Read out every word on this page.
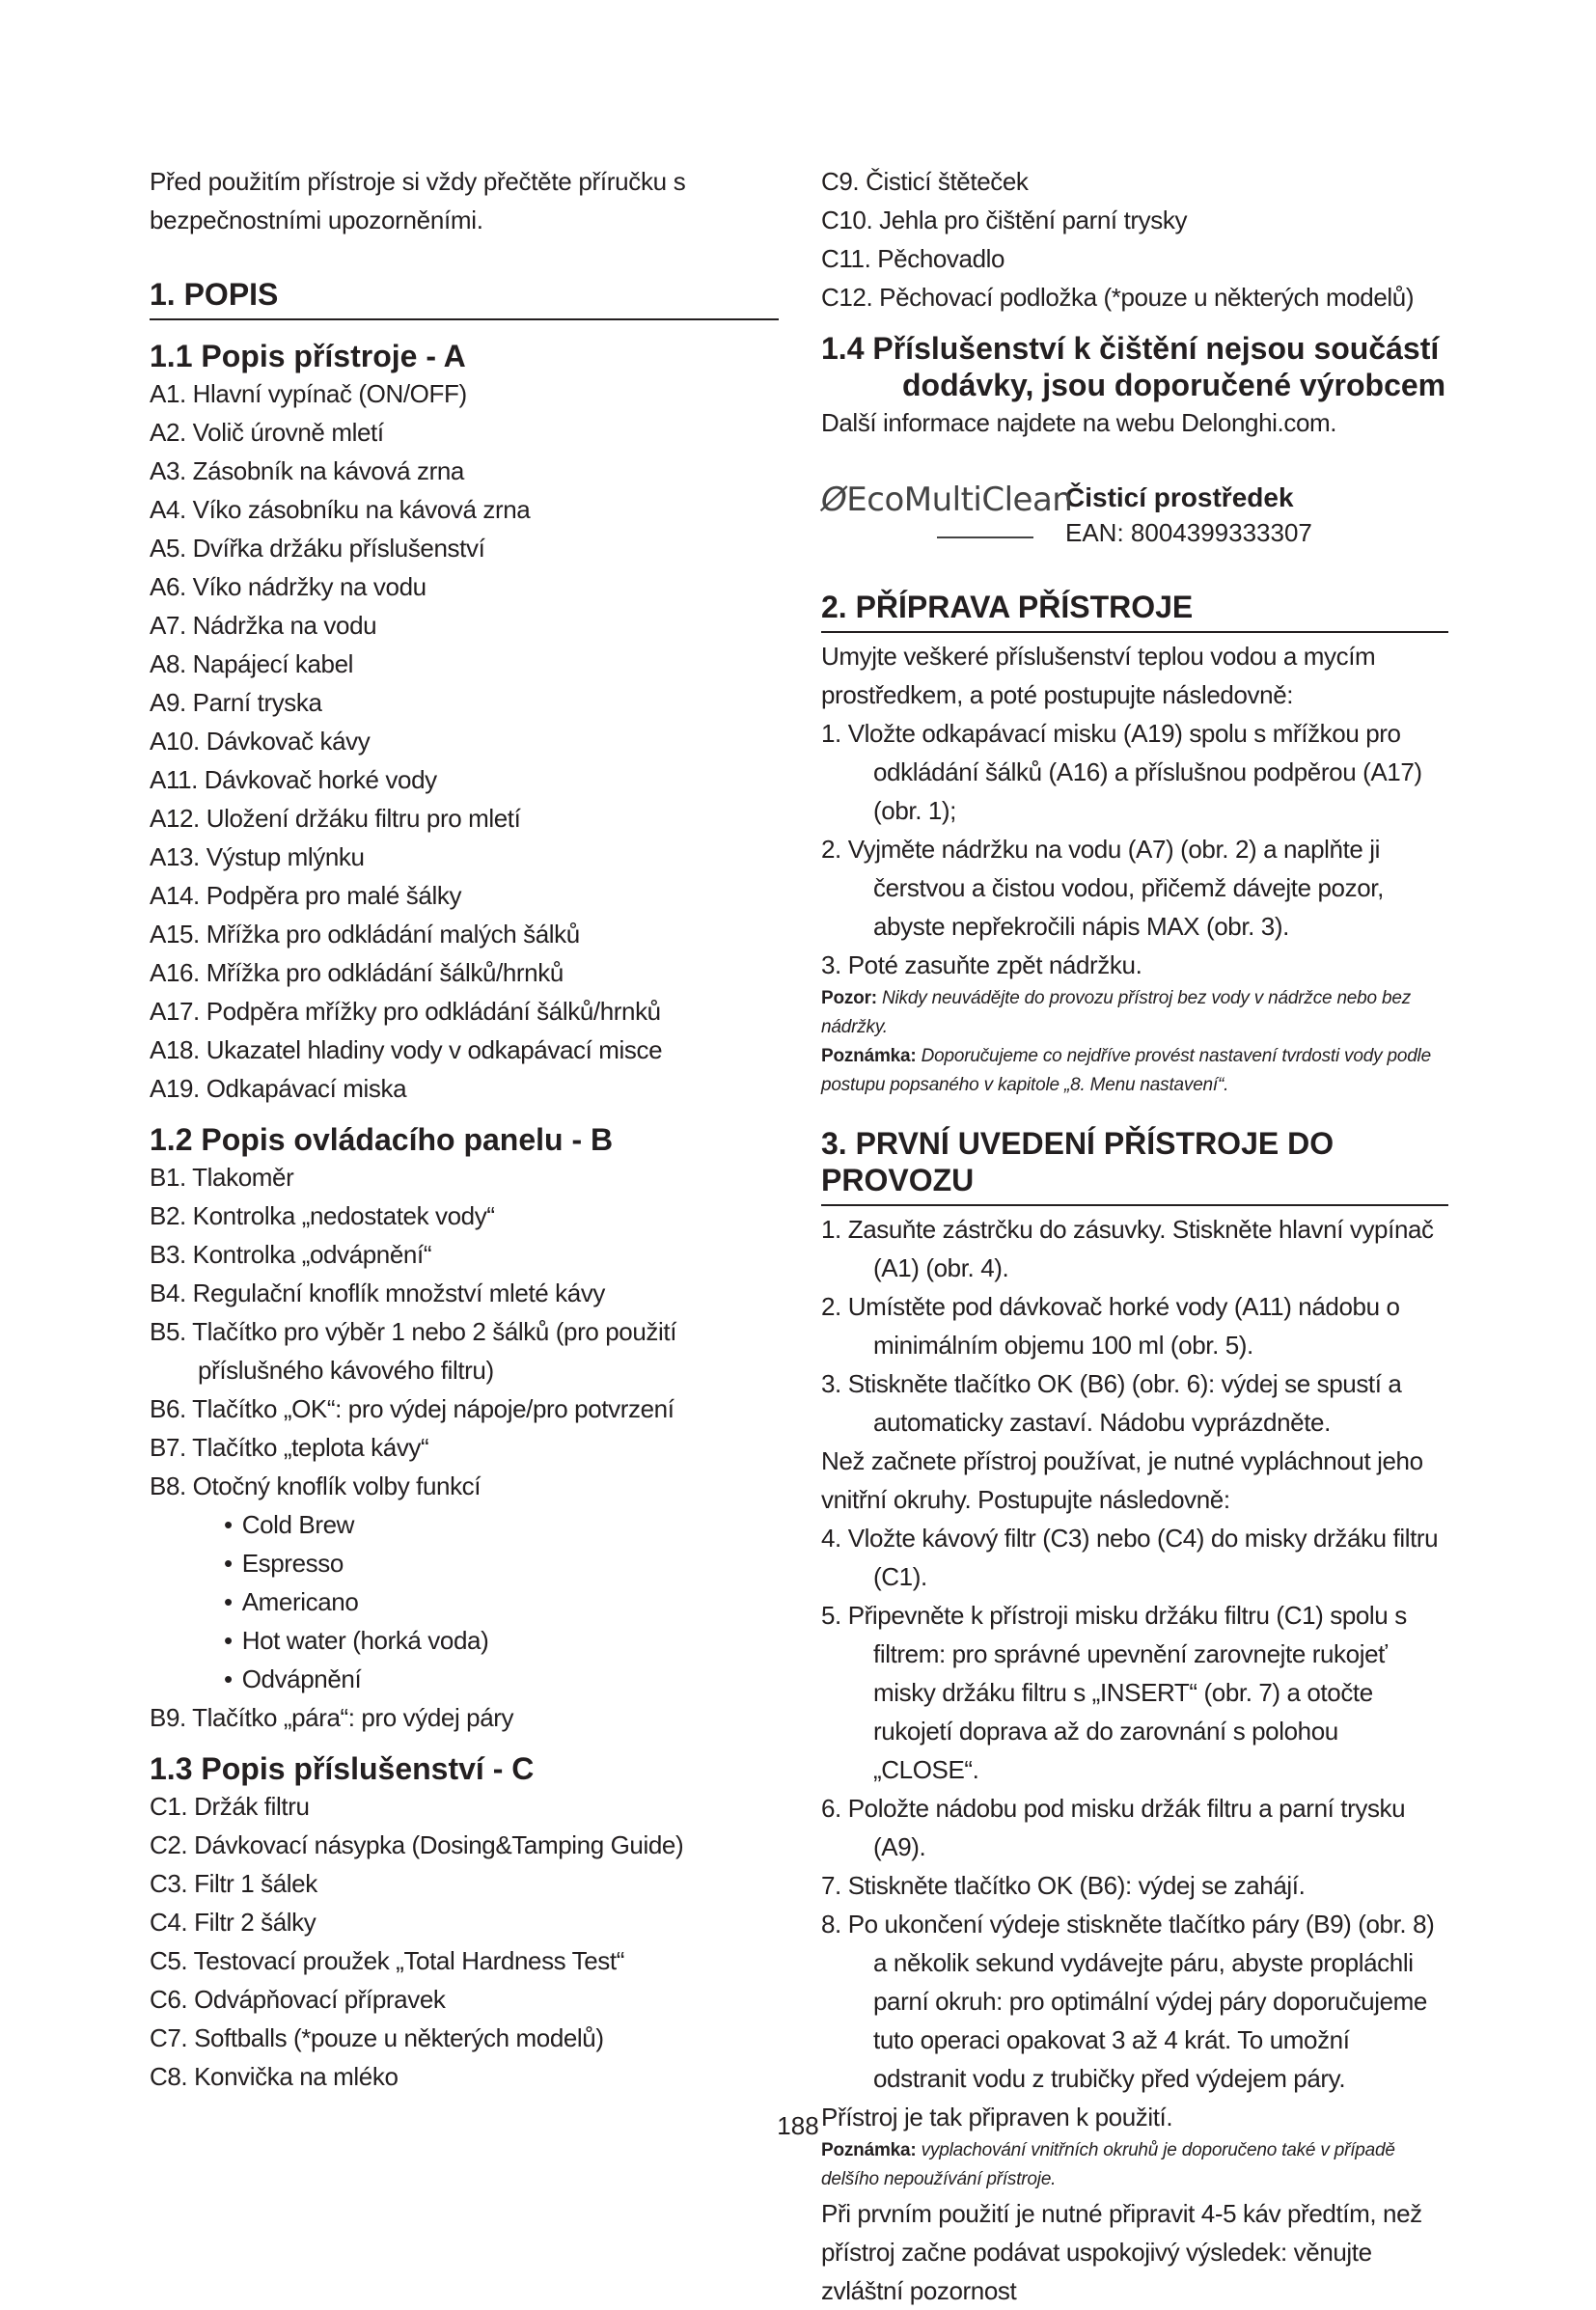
Před použitím přístroje si vždy přečtěte příručku s bezpečnostními upozorněními.

1. POPIS
1.1 Popis přístroje - A

A1. Hlavní vypínač (ON/OFF)

A2. Volič úrovně mletí

A3. Zásobník na kávová zrna

A4. Víko zásobníku na kávová zrna

A5. Dvířka držáku příslušenství

A6. Víko nádržky na vodu

A7. Nádržka na vodu

A8. Napájecí kabel

A9. Parní tryska

A10. Dávkovač kávy

A11. Dávkovač horké vody

A12. Uložení držáku filtru pro mletí

A13. Výstup mlýnku

A14. Podpěra pro malé šálky

A15. Mřížka pro odkládání malých šálků

A16. Mřížka pro odkládání šálků/hrnků

A17. Podpěra mřížky pro odkládání šálků/hrnků

A18. Ukazatel hladiny vody v odkapávací misce

A19. Odkapávací miska

1.2 Popis ovládacího panelu - B

B1. Tlakoměr

B2. Kontrolka „nedostatek vody“

B3. Kontrolka „odvápnění“

B4. Regulační knoflík množství mleté kávy

B5. Tlačítko pro výběr 1 nebo 2 šálků (pro použití příslušného kávového filtru)

B6. Tlačítko „OK“: pro výdej nápoje/pro potvrzení

B7. Tlačítko „teplota kávy“

B8. Otočný knoflík volby funkcí

• Cold Brew

• Espresso

• Americano

• Hot water (horká voda)

• Odvápnění

B9. Tlačítko „pára“: pro výdej páry

1.3 Popis příslušenství - C

C1. Držák filtru

C2. Dávkovací násypka (Dosing&Tamping Guide)

C3. Filtr 1 šálek

C4. Filtr 2 šálky

C5. Testovací proužek „Total Hardness Test“

C6. Odvápňovací přípravek

C7. Softballs (*pouze u některých modelů)

C8. Konvička na mléko

C9. Čisticí štěteček

C10. Jehla pro čištění parní trysky

C11. Pěchovadlo

C12. Pěchovací podložka (*pouze u některých modelů)

1.4 Příslušenství k čištění nejsou součástí
dodávky, jsou doporučené výrobcem

Další informace najdete na webu Delonghi.com.

ØEcoMultiClean
Čisticí prostředek
EAN: 8004399333307
2. PŘÍPRAVA PŘÍSTROJE

Umyjte veškeré příslušenství teplou vodou a mycím prostředkem, a poté postupujte následovně:

1. Vložte odkapávací misku (A19) spolu s mřížkou pro odkládání šálků (A16) a příslušnou podpěrou (A17) (obr. 1);

2. Vyjměte nádržku na vodu (A7) (obr. 2) a naplňte ji čerstvou a čistou vodou, přičemž dávejte pozor, abyste nepřekročili nápis MAX (obr. 3).

3. Poté zasuňte zpět nádržku.

Pozor: Nikdy neuvádějte do provozu přístroj bez vody v nádržce nebo bez nádržky.

Poznámka: Doporučujeme co nejdříve provést nastavení tvrdosti vody podle postupu popsaného v kapitole „8. Menu nastavení“.

3. PRVNÍ UVEDENÍ PŘÍSTROJE DO PROVOZU

1. Zasuňte zástrčku do zásuvky. Stiskněte hlavní vypínač (A1) (obr. 4).

2. Umístěte pod dávkovač horké vody (A11) nádobu o minimálním objemu 100 ml (obr. 5).

3. Stiskněte tlačítko OK (B6) (obr. 6): výdej se spustí a automaticky zastaví. Nádobu vyprázdněte.

Než začnete přístroj používat, je nutné vypláchnout jeho vnitřní okruhy. Postupujte následovně:

4. Vložte kávový filtr (C3) nebo (C4) do misky držáku filtru (C1).

5. Připevněte k přístroji misku držáku filtru (C1) spolu s filtrem: pro správné upevnění zarovnejte rukojeť misky držáku filtru s „INSERT“ (obr. 7) a otočte rukojetí doprava až do zarovnání s polohou „CLOSE“.

6. Položte nádobu pod misku držák filtru a parní trysku (A9).

7. Stiskněte tlačítko OK (B6): výdej se zahájí.

8. Po ukončení výdeje stiskněte tlačítko páry (B9) (obr. 8) a několik sekund vydávejte páru, abyste propláchli parní okruh: pro optimální výdej páry doporučujeme tuto operaci opakovat 3 až 4 krát. To umožní odstranit vodu z trubičky před výdejem páry.

Přístroj je tak připraven k použití.

Poznámka: vyplachování vnitřních okruhů je doporučeno také v případě delšího nepoužívání přístroje.

Při prvním použití je nutné připravit 4-5 káv předtím, než přístroj začne podávat uspokojivý výsledek: věnujte zvláštní pozornost

188
